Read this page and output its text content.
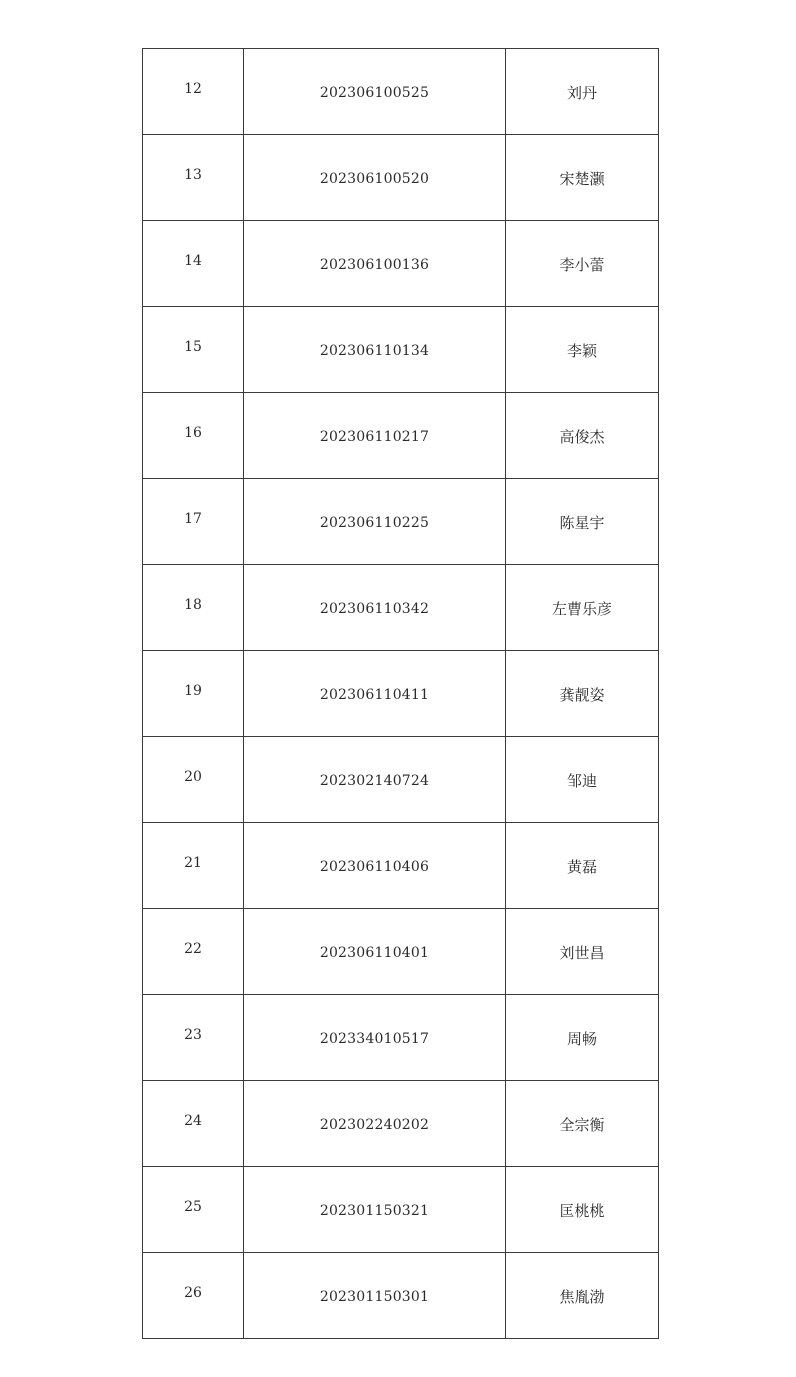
12	202306100525	刘丹
13	202306100520	宋楚灏
14	202306100136	李小蕾
15	202306110134	李颖
16	202306110217	高俊杰
17	202306110225	陈星宇
18	202306110342	左曹乐彦
19	202306110411	龚靓姿
20	202302140724	邹迪
21	202306110406	黄磊
22	202306110401	刘世昌
23	202334010517	周畅
24	202302240202	全宗衡
25	202301150321	匡桃桃
26	202301150301	焦胤渤
